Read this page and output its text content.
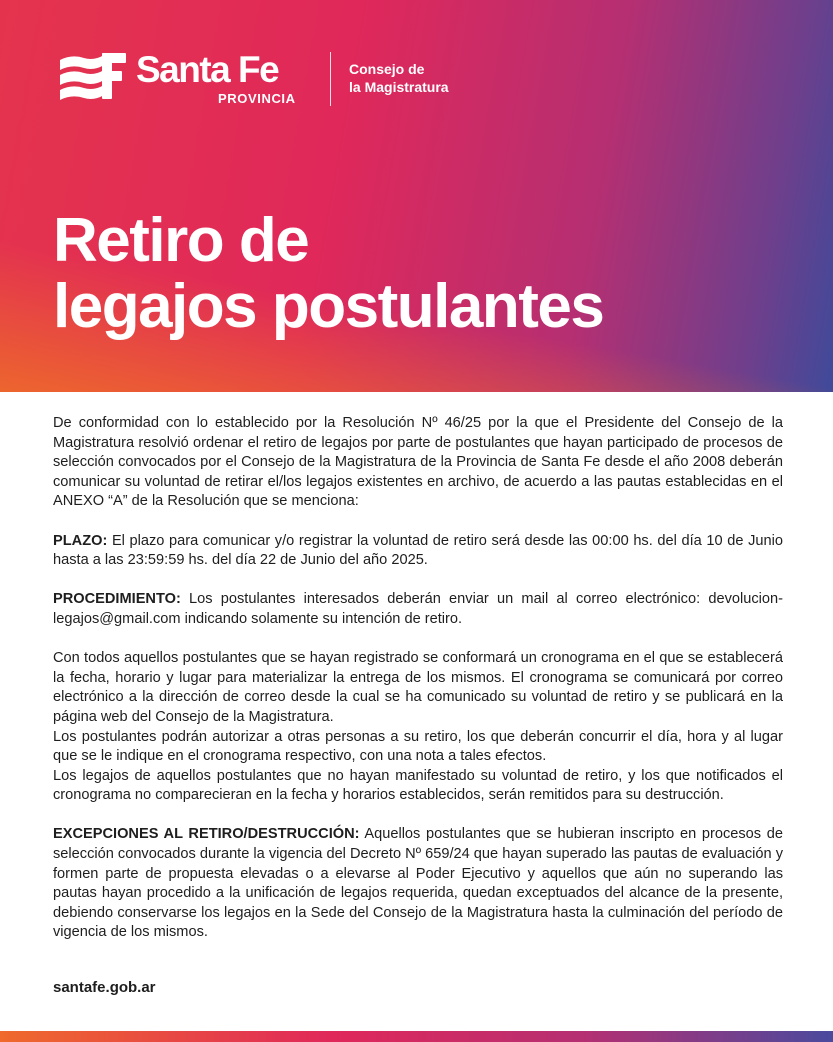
Santa Fe
PROVINCIA
Consejo de
la Magistratura
Retiro de
legajos postulantes

De conformidad con lo establecido por la Resolución Nº 46/25 por la que el Presidente del Consejo de la Magistratura resolvió ordenar el retiro de legajos por parte de postulantes que hayan participado de procesos de selección convocados por el Consejo de la Magistratura de la Provincia de Santa Fe desde el año 2008 deberán comunicar su voluntad de retirar el/los legajos existentes en archivo, de acuerdo a las pautas establecidas en el ANEXO “A” de la Resolución que se menciona:

PLAZO: El plazo para comunicar y/o registrar la voluntad de retiro será desde las 00:00 hs. del día 10 de Junio hasta a las 23:59:59 hs. del día 22 de Junio del año 2025.

PROCEDIMIENTO: Los postulantes interesados deberán enviar un mail al correo electrónico: devolucion-legajos@gmail.com indicando solamente su intención de retiro.

Con todos aquellos postulantes que se hayan registrado se conformará un cronograma en el que se establecerá la fecha, horario y lugar para materializar la entrega de los mismos. El cronograma se comunicará por correo electrónico a la dirección de correo desde la cual se ha comunicado su voluntad de retiro y se publicará en la página web del Consejo de la Magistratura.

Los postulantes podrán autorizar a otras personas a su retiro, los que deberán concurrir el día, hora y al lugar que se le indique en el cronograma respectivo, con una nota a tales efectos.

Los legajos de aquellos postulantes que no hayan manifestado su voluntad de retiro, y los que notificados el cronograma no comparecieran en la fecha y horarios establecidos, serán remitidos para su destrucción.

EXCEPCIONES AL RETIRO/DESTRUCCIÓN: Aquellos postulantes que se hubieran inscripto en procesos de selección convocados durante la vigencia del Decreto Nº 659/24 que hayan superado las pautas de evaluación y formen parte de propuesta elevadas o a elevarse al Poder Ejecutivo y aquellos que aún no superando las pautas hayan procedido a la unificación de legajos requerida, quedan exceptuados del alcance de la presente, debiendo conservarse los legajos en la Sede del Consejo de la Magistratura hasta la culminación del período de vigencia de los mismos.

santafe.gob.ar
